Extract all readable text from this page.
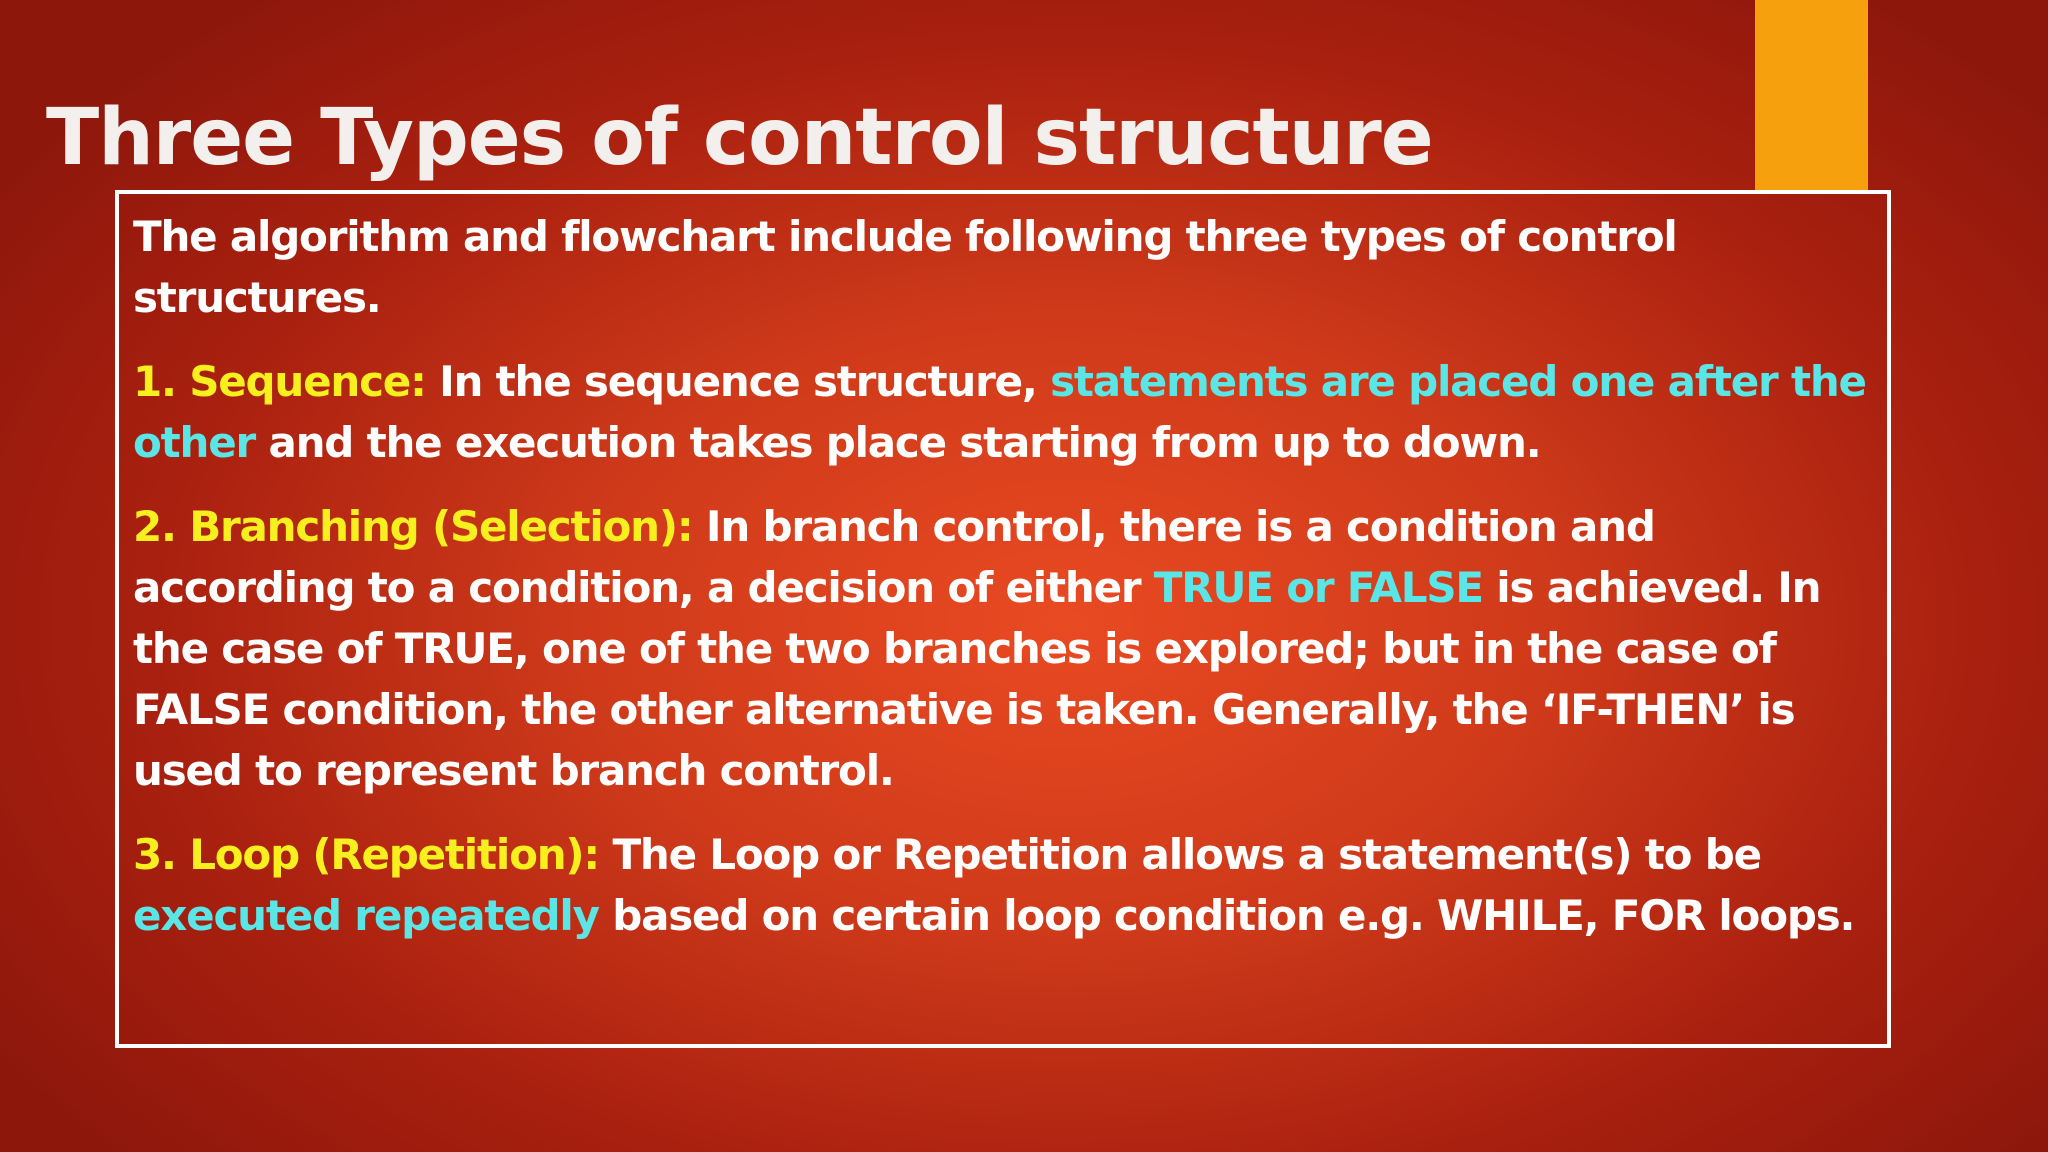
Three Types of control structure

The algorithm and flowchart include following three types of control structures.

1. Sequence: In the sequence structure, statements are placed one after the other and the execution takes place starting from up to down.

2. Branching (Selection): In branch control, there is a condition and according to a condition, a decision of either TRUE or FALSE is achieved. In the case of TRUE, one of the two branches is explored; but in the case of FALSE condition, the other alternative is taken. Generally, the ‘IF-THEN’ is used to represent branch control.

3. Loop (Repetition): The Loop or Repetition allows a statement(s) to be executed repeatedly based on certain loop condition e.g. WHILE, FOR loops.
